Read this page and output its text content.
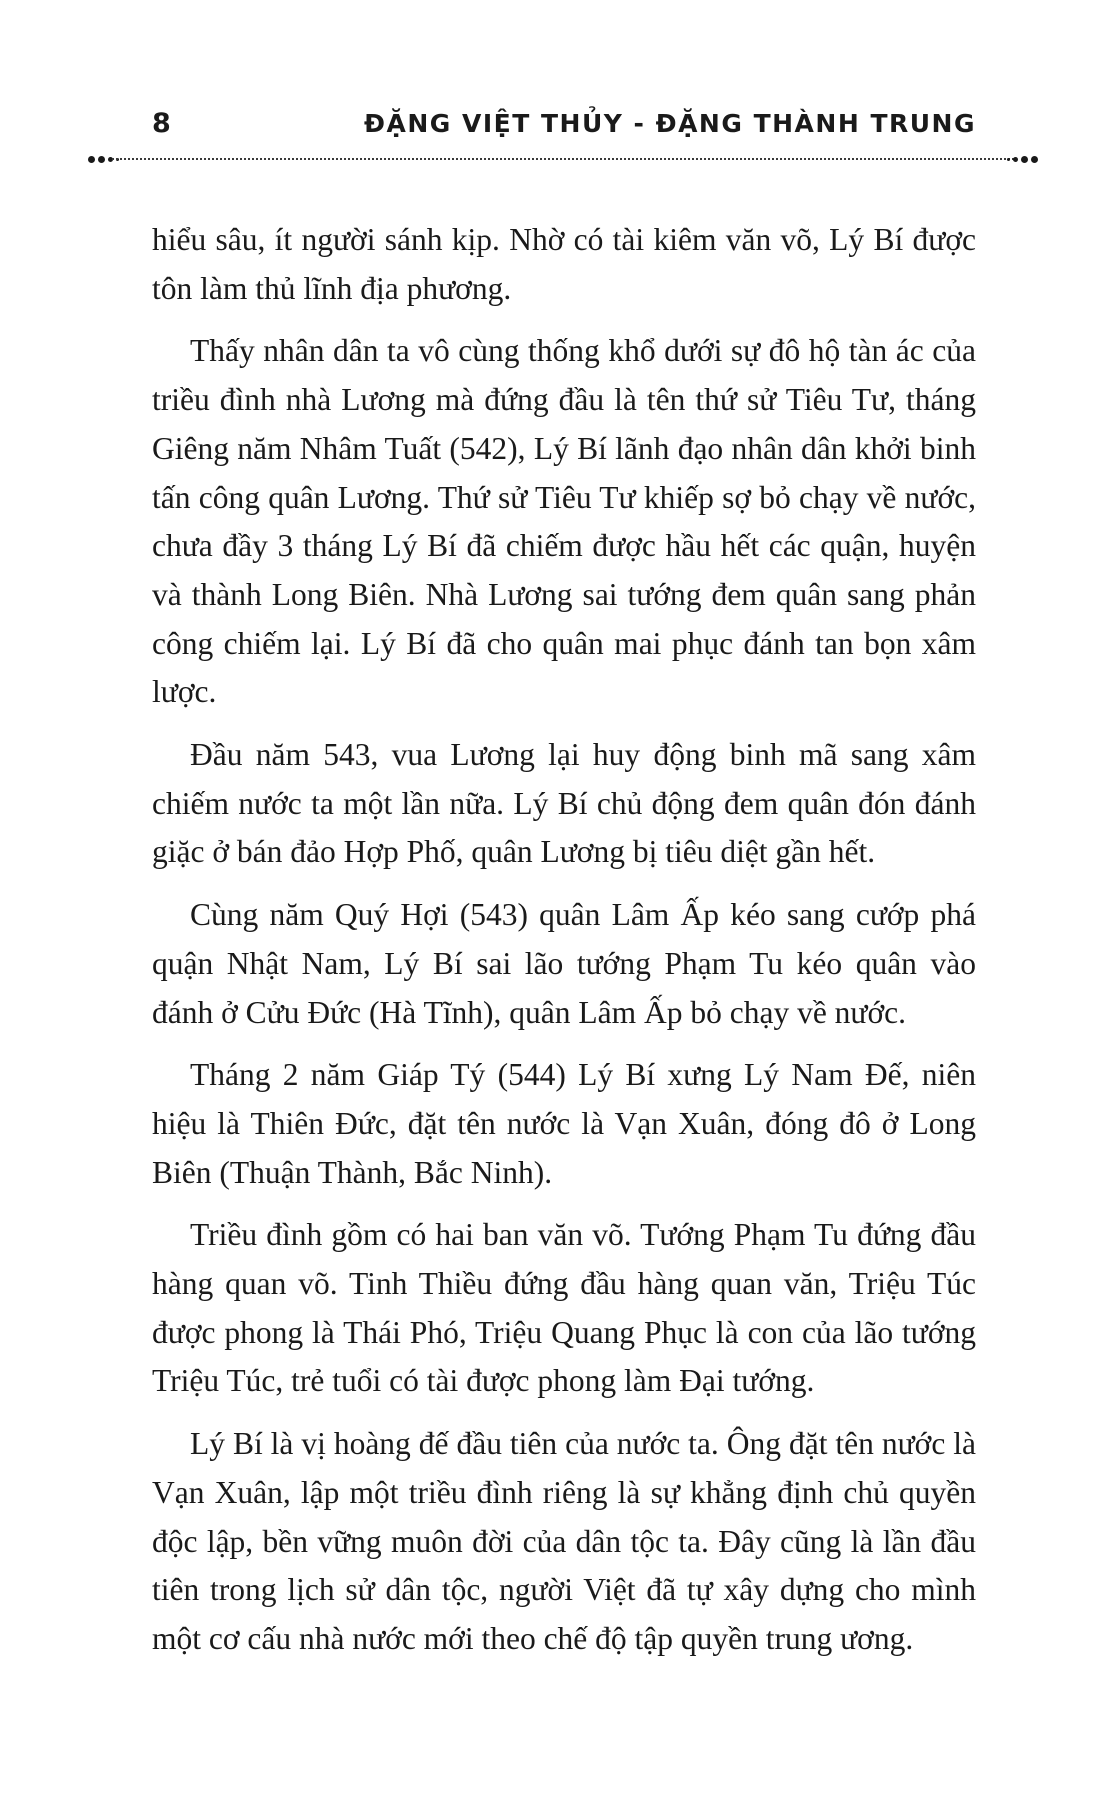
8	ĐẶNG VIỆT THỦY - ĐẶNG THÀNH TRUNG

hiểu sâu, ít người sánh kịp. Nhờ có tài kiêm văn võ, Lý Bí được tôn làm thủ lĩnh địa phương.

Thấy nhân dân ta vô cùng thống khổ dưới sự đô hộ tàn ác của triều đình nhà Lương mà đứng đầu là tên thứ sử Tiêu Tư, tháng Giêng năm Nhâm Tuất (542), Lý Bí lãnh đạo nhân dân khởi binh tấn công quân Lương. Thứ sử Tiêu Tư khiếp sợ bỏ chạy về nước, chưa đầy 3 tháng Lý Bí đã chiếm được hầu hết các quận, huyện và thành Long Biên. Nhà Lương sai tướng đem quân sang phản công chiếm lại. Lý Bí đã cho quân mai phục đánh tan bọn xâm lược.

Đầu năm 543, vua Lương lại huy động binh mã sang xâm chiếm nước ta một lần nữa. Lý Bí chủ động đem quân đón đánh giặc ở bán đảo Hợp Phố, quân Lương bị tiêu diệt gần hết.

Cùng năm Quý Hợi (543) quân Lâm Ấp kéo sang cướp phá quận Nhật Nam, Lý Bí sai lão tướng Phạm Tu kéo quân vào đánh ở Cửu Đức (Hà Tĩnh), quân Lâm Ấp bỏ chạy về nước.

Tháng 2 năm Giáp Tý (544) Lý Bí xưng Lý Nam Đế, niên hiệu là Thiên Đức, đặt tên nước là Vạn Xuân, đóng đô ở Long Biên (Thuận Thành, Bắc Ninh).

Triều đình gồm có hai ban văn võ. Tướng Phạm Tu đứng đầu hàng quan võ. Tinh Thiều đứng đầu hàng quan văn, Triệu Túc được phong là Thái Phó, Triệu Quang Phục là con của lão tướng Triệu Túc, trẻ tuổi có tài được phong làm Đại tướng.

Lý Bí là vị hoàng đế đầu tiên của nước ta. Ông đặt tên nước là Vạn Xuân, lập một triều đình riêng là sự khẳng định chủ quyền độc lập, bền vững muôn đời của dân tộc ta. Đây cũng là lần đầu tiên trong lịch sử dân tộc, người Việt đã tự xây dựng cho mình một cơ cấu nhà nước mới theo chế độ tập quyền trung ương.
